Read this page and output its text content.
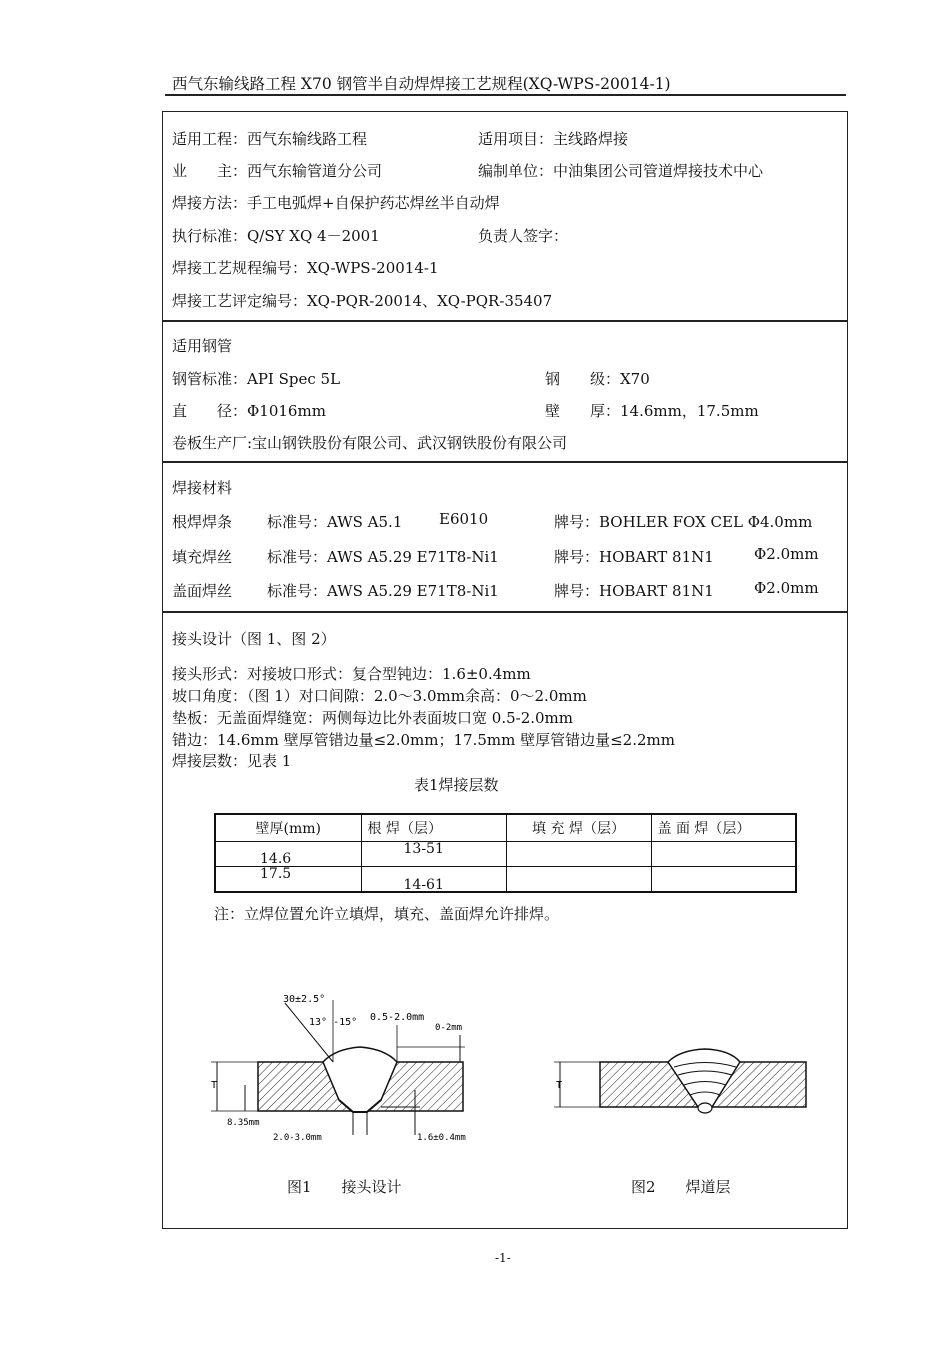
西气东输线路工程 X70 钢管半自动焊焊接工艺规程(XQ-WPS-20014-1)
适用工程：西气东输线路工程	适用项目：主线路焊接
业　　主：西气东输管道分公司	编制单位：中油集团公司管道焊接技术中心
焊接方法：手工电弧焊+自保护药芯焊丝半自动焊
执行标准：Q/SY XQ 4－2001	负责人签字：
焊接工艺规程编号：XQ-WPS-20014-1
焊接工艺评定编号：XQ-PQR-20014、XQ-PQR-35407
适用钢管
钢管标准：API Spec 5L	钢　　级：X70
直　　径：Φ1016mm	壁　　厚：14.6mm，17.5mm
卷板生产厂:宝山钢铁股份有限公司、武汉钢铁股份有限公司
焊接材料
根焊焊条 标准号：AWS A5.1 E6010	牌号：BOHLER FOX CEL Φ4.0mm
填充焊丝 标准号：AWS A5.29 E71T8-Ni1	牌号：HOBART 81N1	Φ2.0mm
盖面焊丝 标准号：AWS A5.29 E71T8-Ni1	牌号：HOBART 81N1	Φ2.0mm
接头设计（图 1、图 2）
接头形式：对接坡口形式：复合型钝边：1.6±0.4mm
坡口角度：（图 1）对口间隙：2.0～3.0mm余高：0～2.0mm
垫板：无盖面焊缝宽：两侧每边比外表面坡口宽 0.5-2.0mm
错边：14.6mm 壁厚管错边量≤2.0mm；17.5mm 壁厚管错边量≤2.2mm
焊接层数：见表 1
表1焊接层数
壁厚(mm)	根 焊（层）	填 充 焊（层）	盖 面 焊（层）
14.6	13-51		
17.5	14-61		
注：立焊位置允许立填焊，填充、盖面焊允许排焊。
T
8.35mm
30±2.5°
13° -15° 0.5-2.0mm
0-2mm
2.0-3.0mm	1.6±0.4mm
T
图1　　接头设计	图2　　焊道层
-1-
